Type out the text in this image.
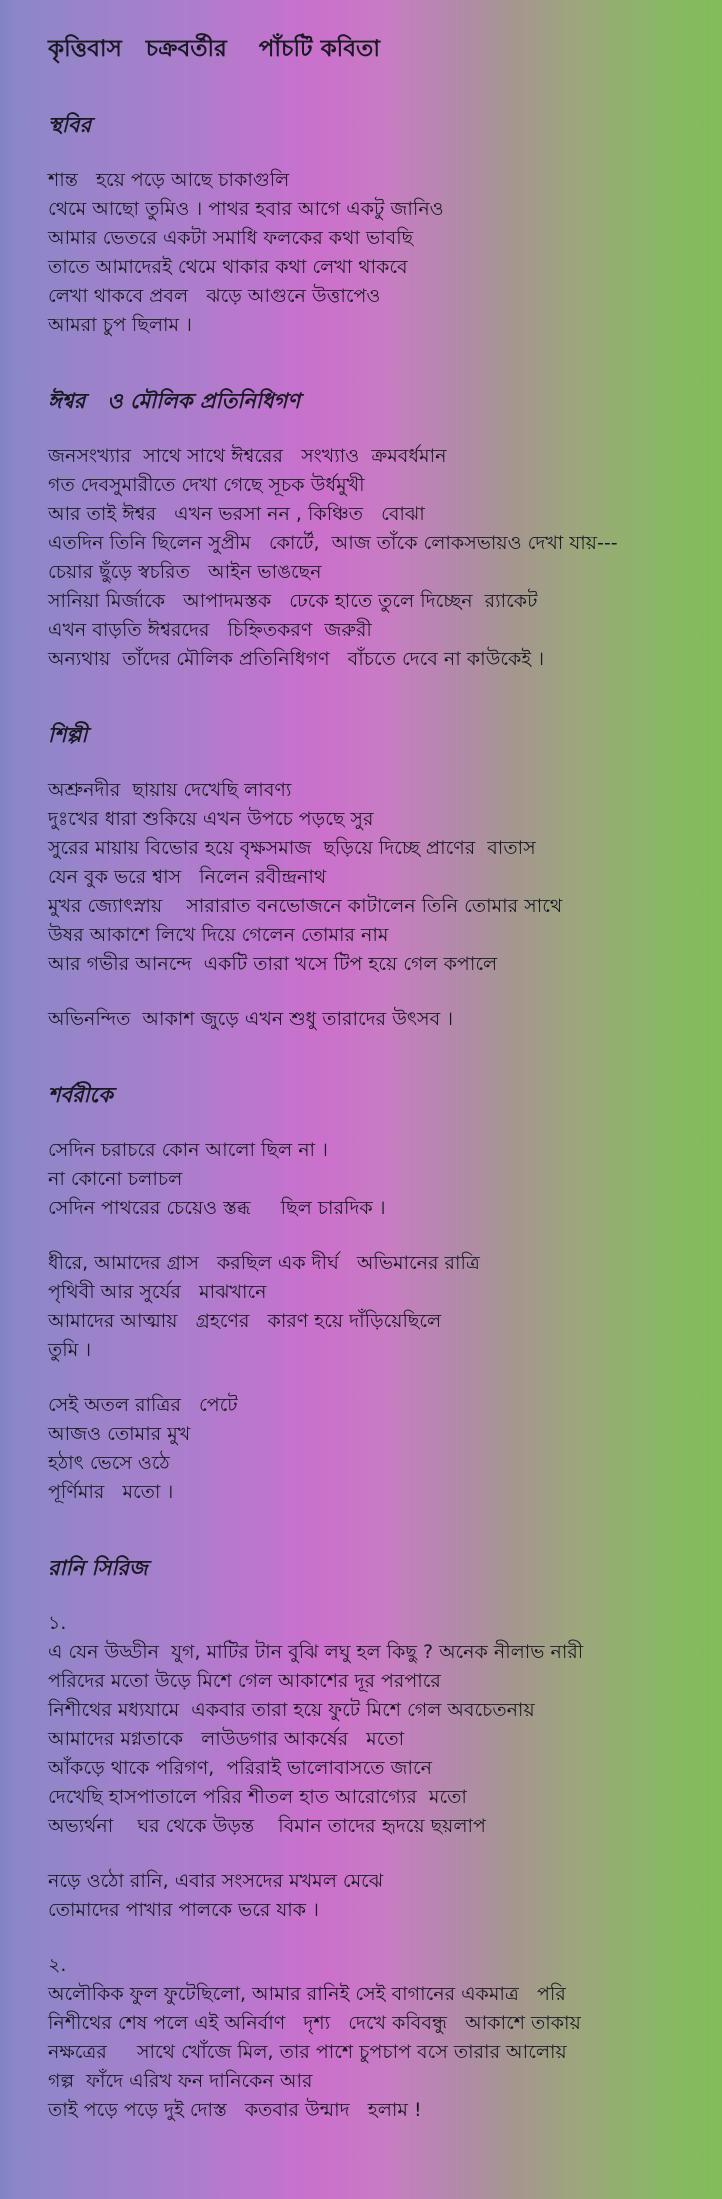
কৃত্তিবাস   চক্রবর্তীর    পাঁচটি কবিতা
স্থবির
শান্ত   হয়ে পড়ে আছে চাকাগুলি
থেমে আছো তুমিও । পাথর হবার আগে একটু জানিও
আমার ভেতরে একটা সমাধি ফলকের কথা ভাবছি
তাতে আমাদেরই থেমে থাকার কথা লেখা থাকবে
লেখা থাকবে প্রবল   ঝড়ে আগুনে উত্তাপেও
আমরা চুপ ছিলাম ।
ঈশ্বর   ও মৌলিক প্রতিনিধিগণ
জনসংখ্যার  সাথে সাথে ঈশ্বরের   সংখ্যাও  ক্রমবর্ধমান
গত দেবসুমারীতে দেখা গেছে সূচক উর্ধমুখী
আর তাই ঈশ্বর   এখন ভরসা নন , কিঞ্চিত   বোঝা
এতদিন তিনি ছিলেন সুপ্রীম   কোর্টে,  আজ তাঁকে লোকসভায়ও দেখা যায়---
চেয়ার ছুঁড়ে স্বচরিত   আইন ভাঙছেন
সানিয়া মির্জাকে   আপাদমস্তক   ঢেকে হাতে তুলে দিচ্ছেন  র‍্যাকেট
এখন বাড়তি ঈশ্বরদের   চিহ্নিতকরণ  জরুরী
অন্যথায়  তাঁদের মৌলিক প্রতিনিধিগণ   বাঁচতে দেবে না কাউকেই ।
শিল্পী
অশ্রুনদীর  ছায়ায় দেখেছি লাবণ্য
দুঃখের ধারা শুকিয়ে এখন উপচে পড়ছে সুর
সুরের মায়ায় বিভোর হয়ে বৃক্ষসমাজ  ছড়িয়ে দিচ্ছে প্রাণের  বাতাস
যেন বুক ভরে শ্বাস   নিলেন রবীন্দ্রনাথ
মুখর জ্যোৎস্নায়    সারারাত বনভোজনে কাটালেন তিনি তোমার সাথে
উষর আকাশে লিখে দিয়ে গেলেন তোমার নাম
আর গভীর আনন্দে  একটি তারা খসে টিপ হয়ে গেল কপালে
অভিনন্দিত  আকাশ জুড়ে এখন শুধু তারাদের উৎসব ।
শর্বরীকে
সেদিন চরাচরে কোন আলো ছিল না ।
না কোনো চলাচল
সেদিন পাথরের চেয়েও স্তব্ধ     ছিল চারদিক ।
ধীরে, আমাদের গ্রাস   করছিল এক দীর্ঘ   অভিমানের রাত্রি
পৃথিবী আর সুর্যের   মাঝখানে
আমাদের আত্মায়   গ্রহণের   কারণ হয়ে দাঁড়িয়েছিলে
তুমি ।
সেই অতল রাত্রির   পেটে
আজও তোমার মুখ
হঠাৎ ভেসে ওঠে
পূর্ণিমার   মতো ।
রানি সিরিজ
১.
এ যেন উড্ডীন  যুগ, মাটির টান বুঝি লঘু হল কিছু ? অনেক নীলাভ নারী
পরিদের মতো উড়ে মিশে গেল আকাশের দূর পরপারে
নিশীথের মধ্যযামে  একবার তারা হয়ে ফুটে মিশে গেল অবচেতনায়
আমাদের মগ্নতাকে   লাউডগার আকর্ষের   মতো
আঁকড়ে থাকে পরিগণ,  পরিরাই ভালোবাসতে জানে
দেখেছি হাসপাতালে পরির শীতল হাত আরোগ্যের  মতো
অভ্যর্থনা    ঘর থেকে উড়ন্ত    বিমান তাদের হৃদয়ে ছয়লাপ
নড়ে ওঠো রানি, এবার সংসদের মখমল মেঝে
তোমাদের পাখার পালকে ভরে যাক ।
২.
অলৌকিক ফুল ফুটেছিলো, আমার রানিই সেই বাগানের একমাত্র   পরি
নিশীথের শেষ পলে এই অনির্বাণ   দৃশ্য   দেখে কবিবন্ধু   আকাশে তাকায়
নক্ষত্রের     সাথে খোঁজে মিল, তার পাশে চুপচাপ বসে তারার আলোয়
গল্প  ফাঁদে এরিখ ফন দানিকেন আর
তাই পড়ে পড়ে দুই দোস্ত   কতবার উন্মাদ   হলাম !
